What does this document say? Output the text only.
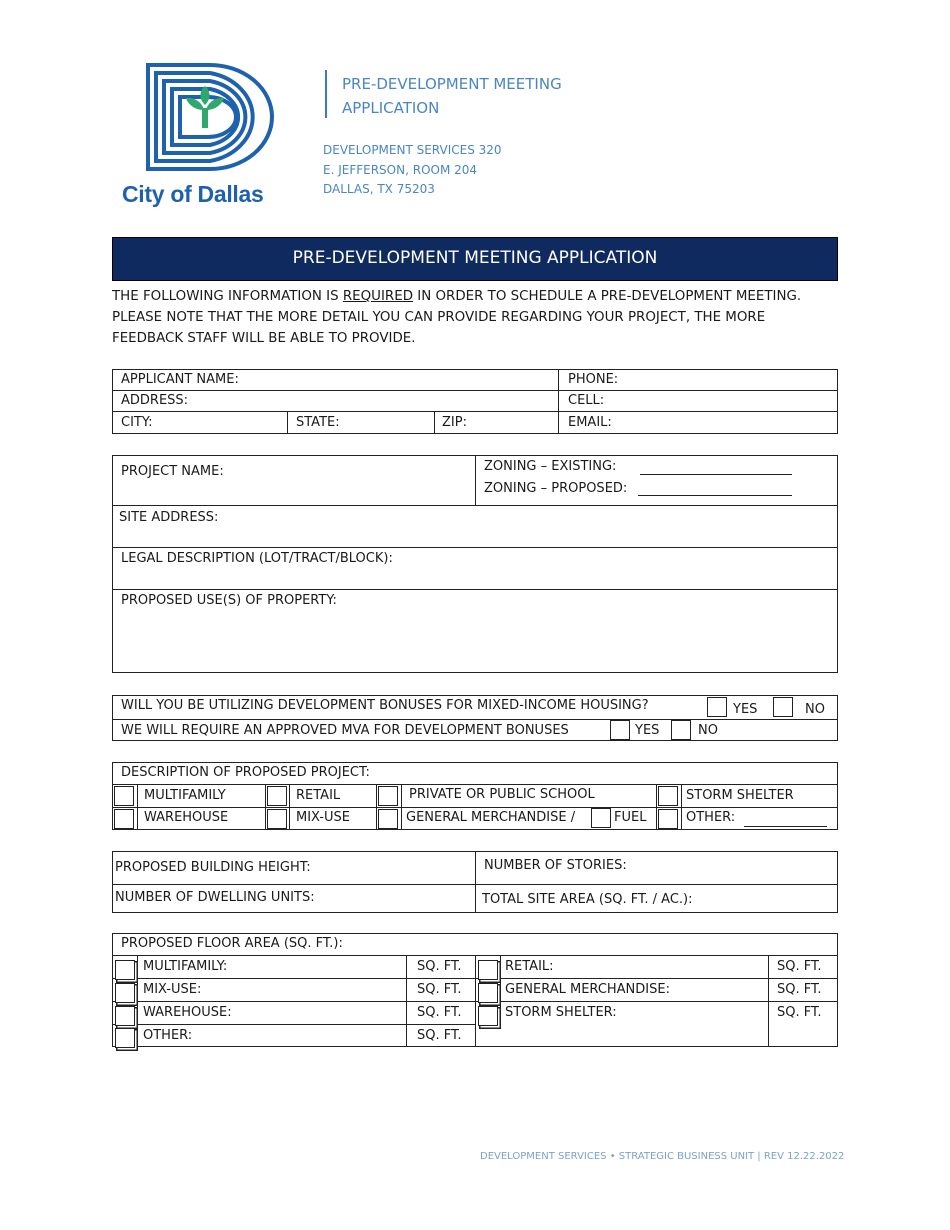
City of Dallas
PRE-DEVELOPMENT MEETING
APPLICATION
DEVELOPMENT SERVICES 320
E. JEFFERSON, ROOM 204
DALLAS, TX 75203
PRE-DEVELOPMENT MEETING APPLICATION
THE FOLLOWING INFORMATION IS REQUIRED IN ORDER TO SCHEDULE A PRE-DEVELOPMENT MEETING.
PLEASE NOTE THAT THE MORE DETAIL YOU CAN PROVIDE REGARDING YOUR PROJECT, THE MORE
FEEDBACK STAFF WILL BE ABLE TO PROVIDE.
APPLICANT NAME:	PHONE:
ADDRESS:	CELL:
CITY:	STATE:	ZIP:	EMAIL:
PROJECT NAME:	ZONING – EXISTING:
ZONING – PROPOSED:
SITE ADDRESS:
LEGAL DESCRIPTION (LOT/TRACT/BLOCK):
PROPOSED USE(S) OF PROPERTY:
WILL YOU BE UTILIZING DEVELOPMENT BONUSES FOR MIXED-INCOME HOUSING?	YES	NO
WE WILL REQUIRE AN APPROVED MVA FOR DEVELOPMENT BONUSES	YES	NO
DESCRIPTION OF PROPOSED PROJECT:
MULTIFAMILY	RETAIL	PRIVATE OR PUBLIC SCHOOL	STORM SHELTER
WAREHOUSE	MIX-USE	GENERAL MERCHANDISE /	FUEL	OTHER:
PROPOSED BUILDING HEIGHT:	NUMBER OF STORIES:
NUMBER OF DWELLING UNITS:	TOTAL SITE AREA (SQ. FT. / AC.):
PROPOSED FLOOR AREA (SQ. FT.):
MULTIFAMILY:	SQ. FT.	RETAIL:	SQ. FT.
MIX-USE:	SQ. FT.	GENERAL MERCHANDISE:	SQ. FT.
WAREHOUSE:	SQ. FT.	STORM SHELTER:	SQ. FT.
OTHER:	SQ. FT.
DEVELOPMENT SERVICES • STRATEGIC BUSINESS UNIT | REV 12.22.2022
